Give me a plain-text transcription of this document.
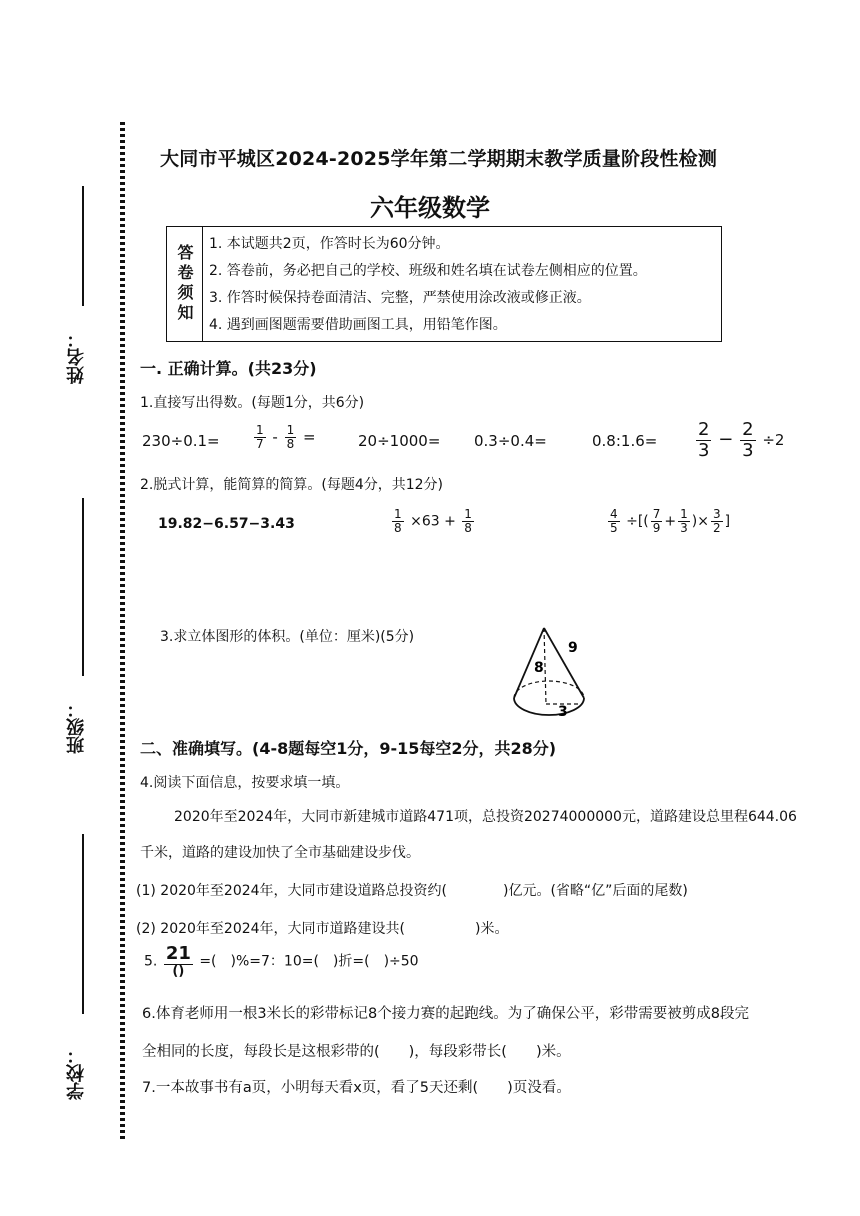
姓名：
班级：
学校：
大同市平城区2024-2025学年第二学期期末教学质量阶段性检测
六年级数学
答卷须知 1. 本试题共2页，作答时长为60分钟。
2. 答卷前，务必把自己的学校、班级和姓名填在试卷左侧相应的位置。
3. 作答时候保持卷面清洁、完整，严禁使用涂改液或修正液。
4. 遇到画图题需要借助画图工具，用铅笔作图。
一. 正确计算。(共23分)
1.直接写出得数。(每题1分，共6分)
230÷0.1=	$\frac{1}{7} - \frac{1}{8}$ =	20÷1000= 0.3÷0.4=	0.8:1.6= $\frac{2}{3} - \frac{2}{3} \div 2$
2.脱式计算，能简算的简算。(每题4分，共12分)
19.82−6.57−3.43	$\frac{1}{8} \times 63 + \frac{1}{8}$	$\frac{4}{5}$ ÷[( $\frac{7}{9} + \frac{1}{3}$ )× $\frac{3}{2}$ ]
3.求立体图形的体积。(单位：厘米)(5分)
9
8
3
二、准确填写。(4-8题每空1分，9-15每空2分，共28分)
4.阅读下面信息，按要求填一填。
2020年至2024年，大同市新建城市道路471项，总投资20274000000元，道路建设总里程644.06
千米，道路的建设加快了全市基础建设步伐。
(1) 2020年至2024年，大同市建设道路总投资约(　　　　)亿元。(省略“亿”后面的尾数)
(2) 2020年至2024年，大同市道路建设共(　　　　　)米。
5. $\frac{21}{()}$ =(　)%=7：10=(　)折=(　)÷50
6.体育老师用一根3米长的彩带标记8个接力赛的起跑线。为了确保公平，彩带需要被剪成8段完
全相同的长度，每段长是这根彩带的(　　)，每段彩带长(　　)米。
7.一本故事书有a页，小明每天看x页，看了5天还剩(　　)页没看。
